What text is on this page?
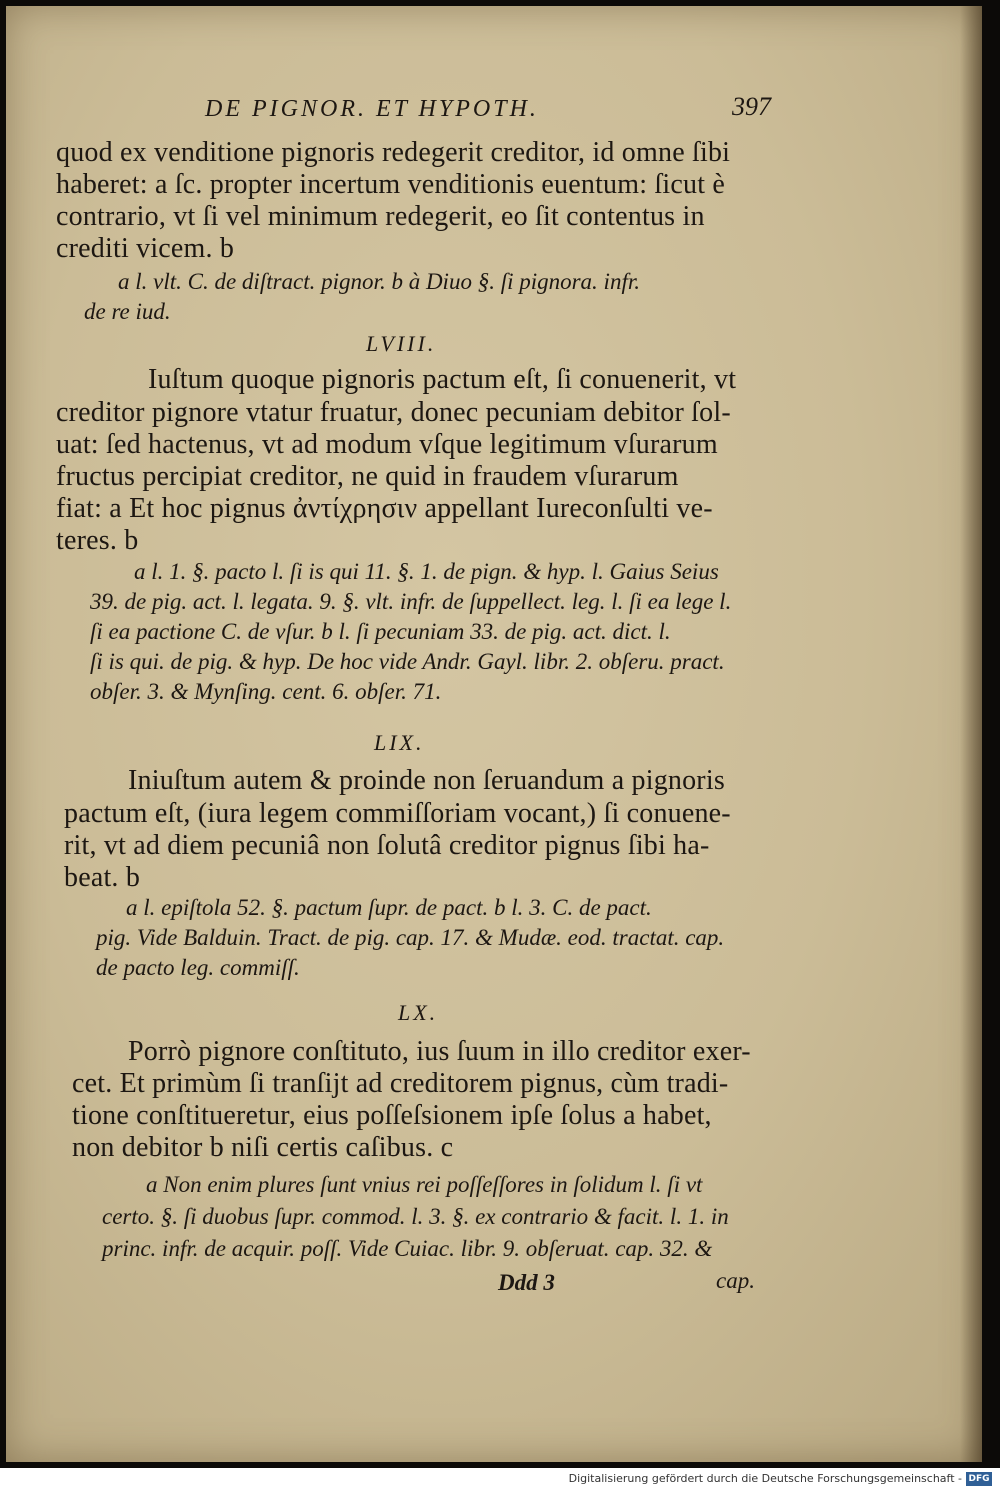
DE PIGNOR. ET HYPOTH.	397
quod ex venditione pignoris redegerit creditor, id omne ſibi
haberet: a ſc. propter incertum venditionis euentum: ſicut è
contrario, vt ſi vel minimum redegerit, eo ſit contentus in
crediti vicem. b
a l. vlt. C. de diſtract. pignor. b à Diuo §. ſi pignora. infr.
de re iud.
LVIII.
Iuſtum quoque pignoris pactum eſt, ſi conuenerit, vt
creditor pignore vtatur fruatur, donec pecuniam debitor ſol-
uat: ſed hactenus, vt ad modum vſque legitimum vſurarum
fructus percipiat creditor, ne quid in fraudem vſurarum
fiat: a Et hoc pignus ἀντίχρησιν appellant Iureconſulti ve-
teres. b
a l. 1. §. pacto l. ſi is qui 11. §. 1. de pign. & hyp. l. Gaius Seius
39. de pig. act. l. legata. 9. §. vlt. infr. de ſuppellect. leg. l. ſi ea lege l.
ſi ea pactione C. de vſur. b l. ſi pecuniam 33. de pig. act. dict. l.
ſi is qui. de pig. & hyp. De hoc vide Andr. Gayl. libr. 2. obſeru. pract.
obſer. 3. & Mynſing. cent. 6. obſer. 71.
LIX.
Iniuſtum autem & proinde non ſeruandum a pignoris
pactum eſt, (iura legem commiſſoriam vocant,) ſi conuene-
rit, vt ad diem pecuniâ non ſolutâ creditor pignus ſibi ha-
beat. b
a l. epiſtola 52. §. pactum ſupr. de pact. b l. 3. C. de pact.
pig. Vide Balduin. Tract. de pig. cap. 17. & Mudæ. eod. tractat. cap.
de pacto leg. commiſſ.
LX.
Porrò pignore conſtituto, ius ſuum in illo creditor exer-
cet. Et primùm ſi tranſijt ad creditorem pignus, cùm tradi-
tione conſtitueretur, eius poſſeſsionem ipſe ſolus a habet,
non debitor b niſi certis caſibus. c
a Non enim plures ſunt vnius rei poſſeſſores in ſolidum l. ſi vt
certo. §. ſi duobus ſupr. commod. l. 3. §. ex contrario & facit. l. 1. in
princ. infr. de acquir. poſſ. Vide Cuiac. libr. 9. obſeruat. cap. 32. &
Ddd 3	cap.
Digitalisierung gefördert durch die Deutsche Forschungsgemeinschaft - DFG
